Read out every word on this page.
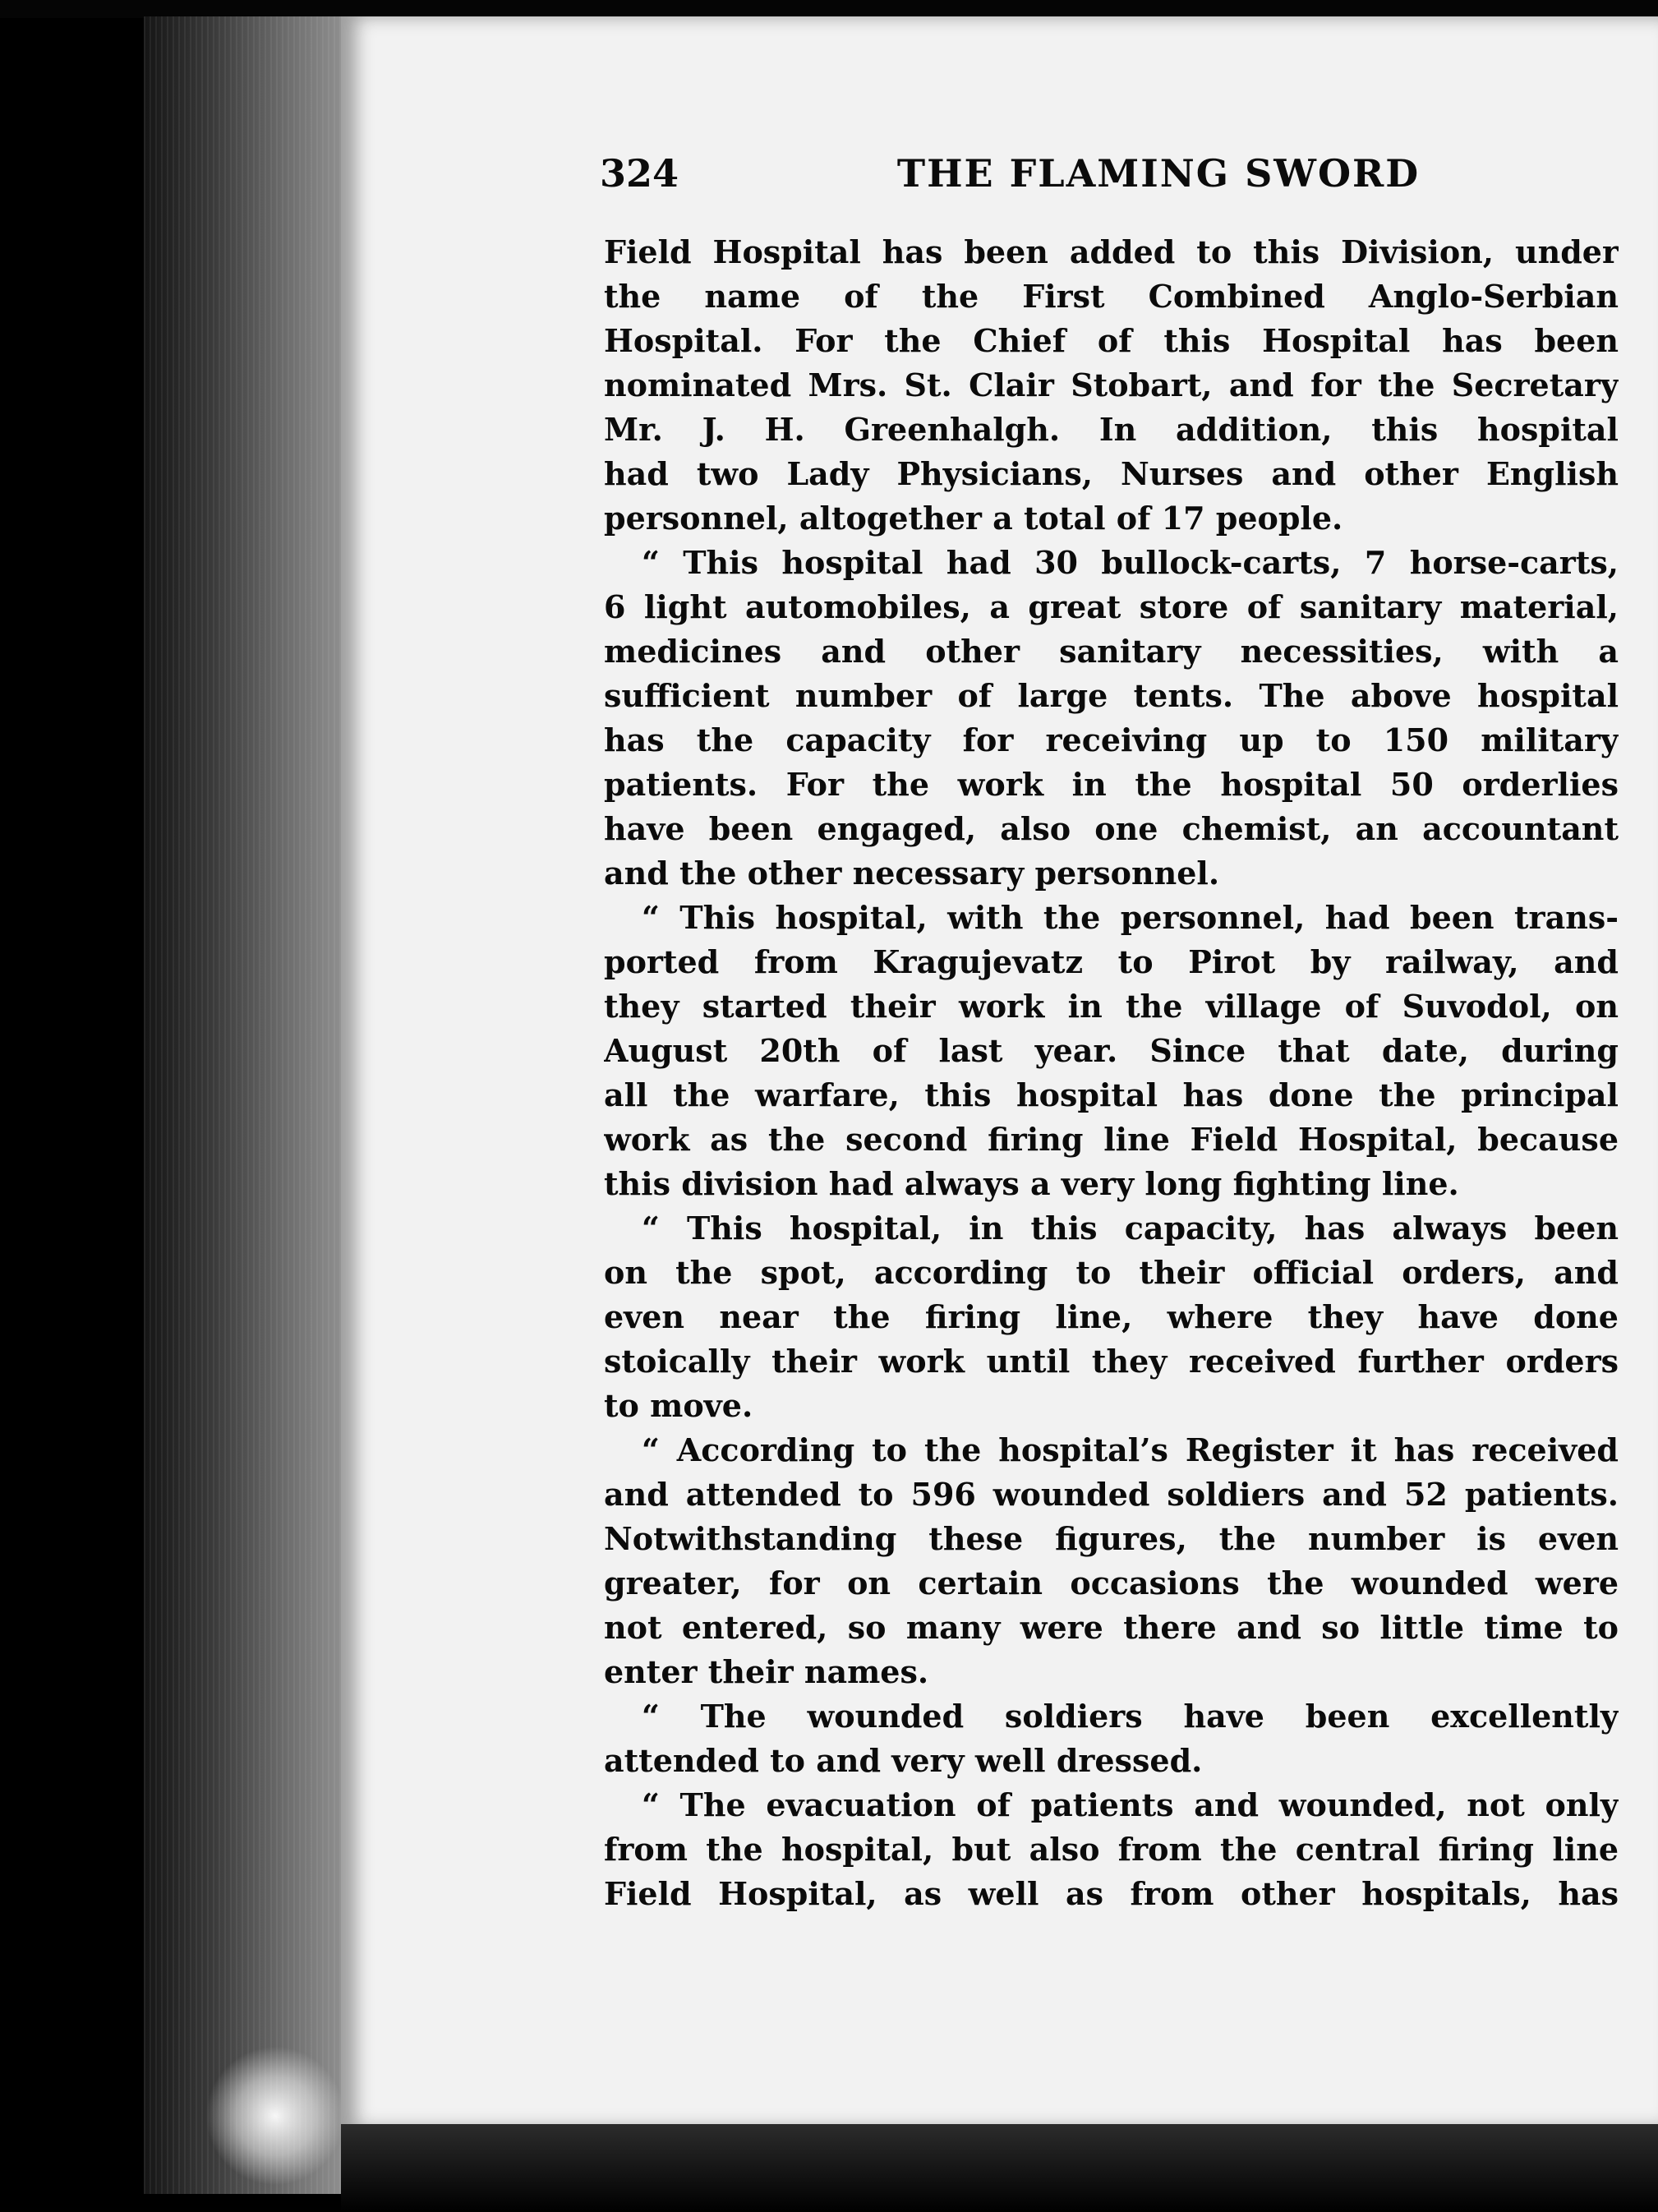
324	THE FLAMING SWORD
Field Hospital has been added to this Division, under
the name of the First Combined Anglo-Serbian
Hospital. For the Chief of this Hospital has been
nominated Mrs. St. Clair Stobart, and for the Secretary
Mr. J. H. Greenhalgh. In addition, this hospital
had two Lady Physicians, Nurses and other English
personnel, altogether a total of 17 people.
“ This hospital had 30 bullock-carts, 7 horse-carts,
6 light automobiles, a great store of sanitary material,
medicines and other sanitary necessities, with a
sufficient number of large tents. The above hospital
has the capacity for receiving up to 150 military
patients. For the work in the hospital 50 orderlies
have been engaged, also one chemist, an accountant
and the other necessary personnel.
“ This hospital, with the personnel, had been trans-
ported from Kragujevatz to Pirot by railway, and
they started their work in the village of Suvodol, on
August 20th of last year. Since that date, during
all the warfare, this hospital has done the principal
work as the second firing line Field Hospital, because
this division had always a very long fighting line.
“ This hospital, in this capacity, has always been
on the spot, according to their official orders, and
even near the firing line, where they have done
stoically their work until they received further orders
to move.
“ According to the hospital’s Register it has received
and attended to 596 wounded soldiers and 52 patients.
Notwithstanding these figures, the number is even
greater, for on certain occasions the wounded were
not entered, so many were there and so little time to
enter their names.
“ The wounded soldiers have been excellently
attended to and very well dressed.
“ The evacuation of patients and wounded, not only
from the hospital, but also from the central firing line
Field Hospital, as well as from other hospitals, has
